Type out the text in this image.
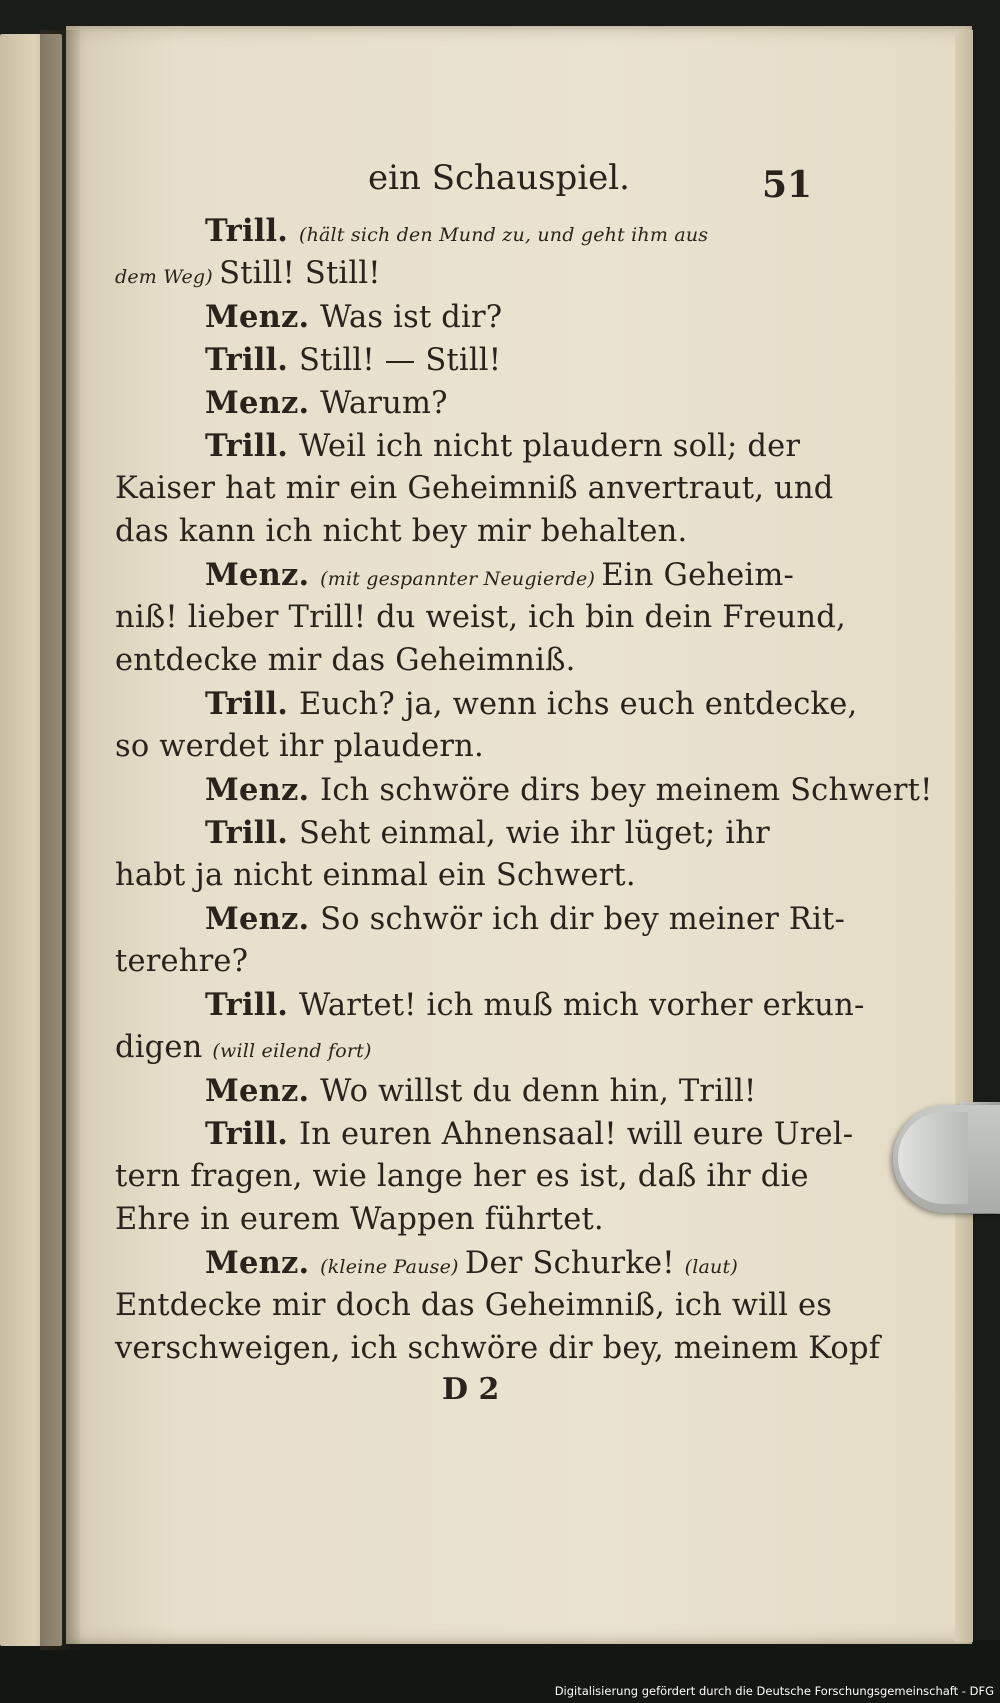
ein Schauspiel.	51
Trill. (hält sich den Mund zu, und geht ihm aus
dem Weg) Still! Still!
Menz. Was ist dir?
Trill. Still! — Still!
Menz. Warum?
Trill. Weil ich nicht plaudern soll; der
Kaiser hat mir ein Geheimniß anvertraut, und
das kann ich nicht bey mir behalten.
Menz. (mit gespannter Neugierde) Ein Geheim-
niß! lieber Trill! du weist, ich bin dein Freund,
entdecke mir das Geheimniß.
Trill. Euch? ja, wenn ichs euch entdecke,
so werdet ihr plaudern.
Menz. Ich schwöre dirs bey meinem Schwert!
Trill. Seht einmal, wie ihr lüget; ihr
habt ja nicht einmal ein Schwert.
Menz. So schwör ich dir bey meiner Rit-
terehre?
Trill. Wartet! ich muß mich vorher erkun-
digen (will eilend fort)
Menz. Wo willst du denn hin, Trill!
Trill. In euren Ahnensaal! will eure Urel-
tern fragen, wie lange her es ist, daß ihr die
Ehre in eurem Wappen führtet.
Menz. (kleine Pause) Der Schurke! (laut)
Entdecke mir doch das Geheimniß, ich will es
verschweigen, ich schwöre dir bey, meinem Kopf
D 2
Digitalisierung gefördert durch die Deutsche Forschungsgemeinschaft - DFG
